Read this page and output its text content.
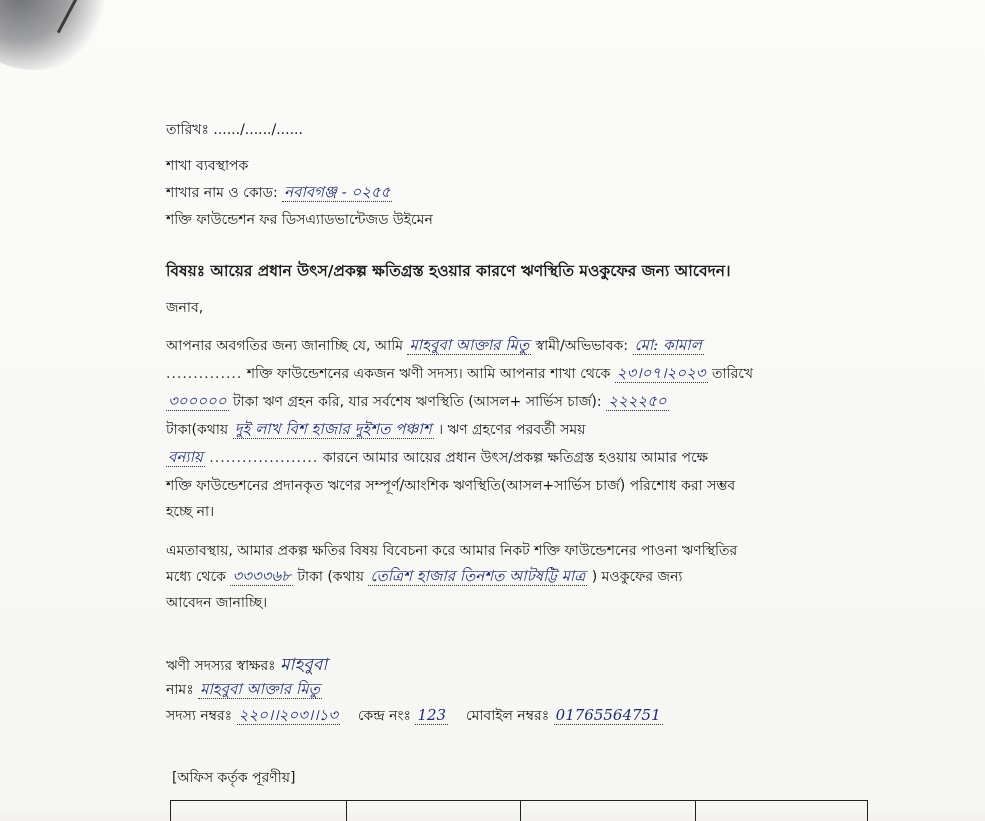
তারিখঃ ....../....../......
শাখা ব্যবস্থাপক
শাখার নাম ও কোড: নবাবগঞ্জ - ০২৫৫
শক্তি ফাউন্ডেশন ফর ডিসএ্যাডভান্টেজড উইমেন
বিষয়ঃ আয়ের প্রধান উৎস/প্রকল্প ক্ষতিগ্রস্ত হওয়ার কারণে ঋণস্থিতি মওকুফের জন্য আবেদন।
জনাব,
আপনার অবগতির জন্য জানাচ্ছি যে, আমি মাহবুবা আক্তার মিতু স্বামী/অভিভাবক: মো: কামাল
.............. শক্তি ফাউন্ডেশনের একজন ঋণী সদস্য। আমি আপনার শাখা থেকে ২৩।০৭।২০২৩ তারিখে
৩০০০০০ টাকা ঋণ গ্রহন করি, যার সর্বশেষ ঋণস্থিতি (আসল+ সার্ভিস চার্জ): ২২২২৫০
টাকা(কথায় দুই লাখ বিশ হাজার দুইশত পঞ্চাশ । ঋণ গ্রহণের পরবর্তী সময়
বন্যায় .................... কারনে আমার আয়ের প্রধান উৎস/প্রকল্প ক্ষতিগ্রস্ত হওয়ায় আমার পক্ষে
শক্তি ফাউন্ডেশনের প্রদানকৃত ঋণের সম্পূর্ণ/আংশিক ঋণস্থিতি(আসল+সার্ভিস চার্জ) পরিশোধ করা সম্ভব
হচ্ছে না।
এমতাবস্থায়, আমার প্রকল্প ক্ষতির বিষয় বিবেচনা করে আমার নিকট শক্তি ফাউন্ডেশনের পাওনা ঋণস্থিতির
মধ্যে থেকে ৩৩৩৩৬৮ টাকা (কথায় তেত্রিশ হাজার তিনশত আটষট্টি মাত্র ) মওকুফের জন্য
আবেদন জানাচ্ছি।
ঋণী সদস্যর স্বাক্ষরঃ মাহবুবা
নামঃ মাহবুবা আক্তার মিতু
সদস্য নম্বরঃ ২২০।।২০৩।।১৩ কেন্দ্র নংঃ 123 মোবাইল নম্বরঃ 01765564751
[অফিস কর্তৃক পূরণীয়]
